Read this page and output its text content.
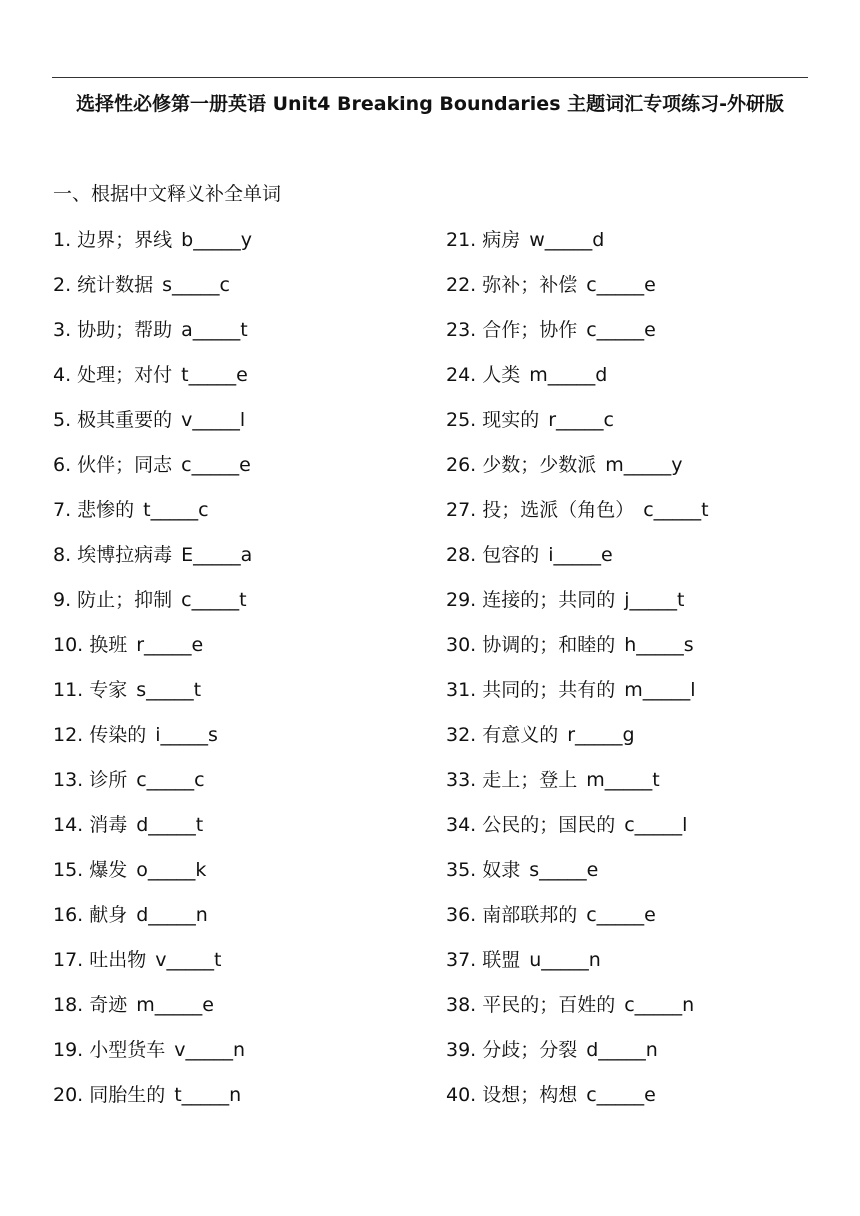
选择性必修第一册英语 Unit4 Breaking Boundaries 主题词汇专项练习-外研版
一、根据中文释义补全单词
1. 边界；界线 b_____y
2. 统计数据 s_____c
3. 协助；帮助 a_____t
4. 处理；对付 t_____e
5. 极其重要的 v_____l
6. 伙伴；同志 c_____e
7. 悲惨的 t_____c
8. 埃博拉病毒 E_____a
9. 防止；抑制 c_____t
10. 换班 r_____e
11. 专家 s_____t
12. 传染的 i_____s
13. 诊所 c_____c
14. 消毒 d_____t
15. 爆发 o_____k
16. 献身 d_____n
17. 吐出物 v_____t
18. 奇迹 m_____e
19. 小型货车 v_____n
20. 同胎生的 t_____n
21. 病房 w_____d
22. 弥补；补偿 c_____e
23. 合作；协作 c_____e
24. 人类 m_____d
25. 现实的 r_____c
26. 少数；少数派 m_____y
27. 投；选派（角色） c_____t
28. 包容的 i_____e
29. 连接的；共同的 j_____t
30. 协调的；和睦的 h_____s
31. 共同的；共有的 m_____l
32. 有意义的 r_____g
33. 走上；登上 m_____t
34. 公民的；国民的 c_____l
35. 奴隶 s_____e
36. 南部联邦的 c_____e
37. 联盟 u_____n
38. 平民的；百姓的 c_____n
39. 分歧；分裂 d_____n
40. 设想；构想 c_____e
